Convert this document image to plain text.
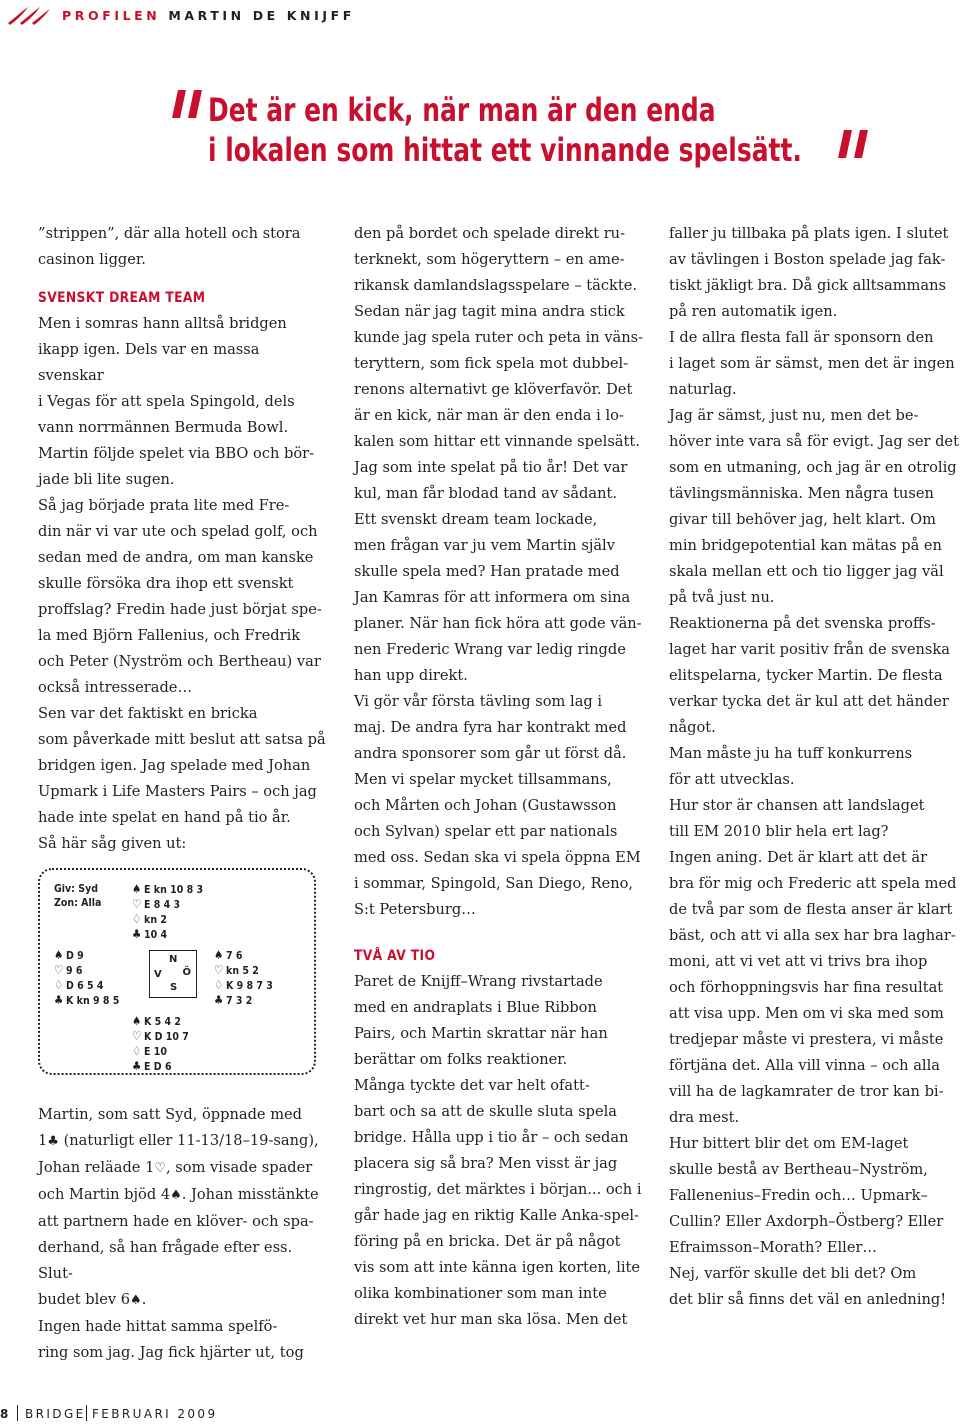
PROFILEN MARTIN DE KNIJFF
Det är en kick, när man är den enda
i lokalen som hittat ett vinnande spelsätt.

”strippen”, där alla hotell och stora
casinon ligger.

SVENSKT DREAM TEAM

Men i somras hann alltså bridgen
ikapp igen. Dels var en massa svenskar
i Vegas för att spela Spingold, dels
vann norrmännen Bermuda Bowl.
Martin följde spelet via BBO och bör-
jade bli lite sugen.

Så jag började prata lite med Fre-
din när vi var ute och spelad golf, och
sedan med de andra, om man kanske
skulle försöka dra ihop ett svenskt
proffslag? Fredin hade just börjat spe-
la med Björn Fallenius, och Fredrik
och Peter (Nyström och Bertheau) var
också intresserade…

Sen var det faktiskt en bricka
som påverkade mitt beslut att satsa på
bridgen igen. Jag spelade med Johan
Upmark i Life Masters Pairs – och jag
hade inte spelat en hand på tio år.

Så här såg given ut:

Giv: Syd
Zon: Alla
♠ E kn 10 8 3
♡ E 8 4 3
♢ kn 2
♣ 10 4
♠ D 9
♡ 9 6
♢ D 6 5 4
♣ K kn 9 8 5
N
V Ö
S
♠ 7 6
♡ kn 5 2
♢ K 9 8 7 3
♣ 7 3 2
♠ K 5 4 2
♡ K D 10 7
♢ E 10
♣ E D 6

Martin, som satt Syd, öppnade med
1♣ (naturligt eller 11-13/18–19-sang),
Johan reläade 1♡, som visade spader
och Martin bjöd 4♠. Johan misstänkte
att partnern hade en klöver- och spa-
derhand, så han frågade efter ess. Slut-
budet blev 6♠.

Ingen hade hittat samma spelfö-
ring som jag. Jag fick hjärter ut, tog

den på bordet och spelade direkt ru-
terknekt, som högeryttern – en ame-
rikansk damlandslagsspelare – täckte.
Sedan när jag tagit mina andra stick
kunde jag spela ruter och peta in väns-
teryttern, som fick spela mot dubbel-
renons alternativt ge klöverfavör. Det
är en kick, när man är den enda i lo-
kalen som hittar ett vinnande spelsätt.
Jag som inte spelat på tio år! Det var
kul, man får blodad tand av sådant.

Ett svenskt dream team lockade,
men frågan var ju vem Martin själv
skulle spela med? Han pratade med
Jan Kamras för att informera om sina
planer. När han fick höra att gode vän-
nen Frederic Wrang var ledig ringde
han upp direkt.

Vi gör vår första tävling som lag i
maj. De andra fyra har kontrakt med
andra sponsorer som går ut först då.
Men vi spelar mycket tillsammans,
och Mårten och Johan (Gustawsson
och Sylvan) spelar ett par nationals
med oss. Sedan ska vi spela öppna EM
i sommar, Spingold, San Diego, Reno,
S:t Petersburg…

TVÅ AV TIO

Paret de Knijff–Wrang rivstartade
med en andraplats i Blue Ribbon
Pairs, och Martin skrattar när han
berättar om folks reaktioner.

Många tyckte det var helt ofatt-
bart och sa att de skulle sluta spela
bridge. Hålla upp i tio år – och sedan
placera sig så bra? Men visst är jag
ringrostig, det märktes i början... och i
går hade jag en riktig Kalle Anka-spel-
föring på en bricka. Det är på något
vis som att inte känna igen korten, lite
olika kombinationer som man inte
direkt vet hur man ska lösa. Men det

faller ju tillbaka på plats igen. I slutet
av tävlingen i Boston spelade jag fak-
tiskt jäkligt bra. Då gick alltsammans
på ren automatik igen.

I de allra flesta fall är sponsorn den
i laget som är sämst, men det är ingen
naturlag.

Jag är sämst, just nu, men det be-
höver inte vara så för evigt. Jag ser det
som en utmaning, och jag är en otrolig
tävlingsmänniska. Men några tusen
givar till behöver jag, helt klart. Om
min bridgepotential kan mätas på en
skala mellan ett och tio ligger jag väl
på två just nu.

Reaktionerna på det svenska proffs-
laget har varit positiv från de svenska
elitspelarna, tycker Martin. De flesta
verkar tycka det är kul att det händer
något.

Man måste ju ha tuff konkurrens
för att utvecklas.

Hur stor är chansen att landslaget
till EM 2010 blir hela ert lag?

Ingen aning. Det är klart att det är
bra för mig och Frederic att spela med
de två par som de flesta anser är klart
bäst, och att vi alla sex har bra laghar-
moni, att vi vet att vi trivs bra ihop
och förhoppningsvis har fina resultat
att visa upp. Men om vi ska med som
tredjepar måste vi prestera, vi måste
förtjäna det. Alla vill vinna – och alla
vill ha de lagkamrater de tror kan bi-
dra mest.

Hur bittert blir det om EM-laget
skulle bestå av Bertheau–Nyström,
Fallenenius–Fredin och… Upmark–
Cullin? Eller Axdorph–Östberg? Eller
Efraimsson–Morath? Eller…

Nej, varför skulle det bli det? Om
det blir så finns det väl en anledning!

8 BRIDGE FEBRUARI 2009
